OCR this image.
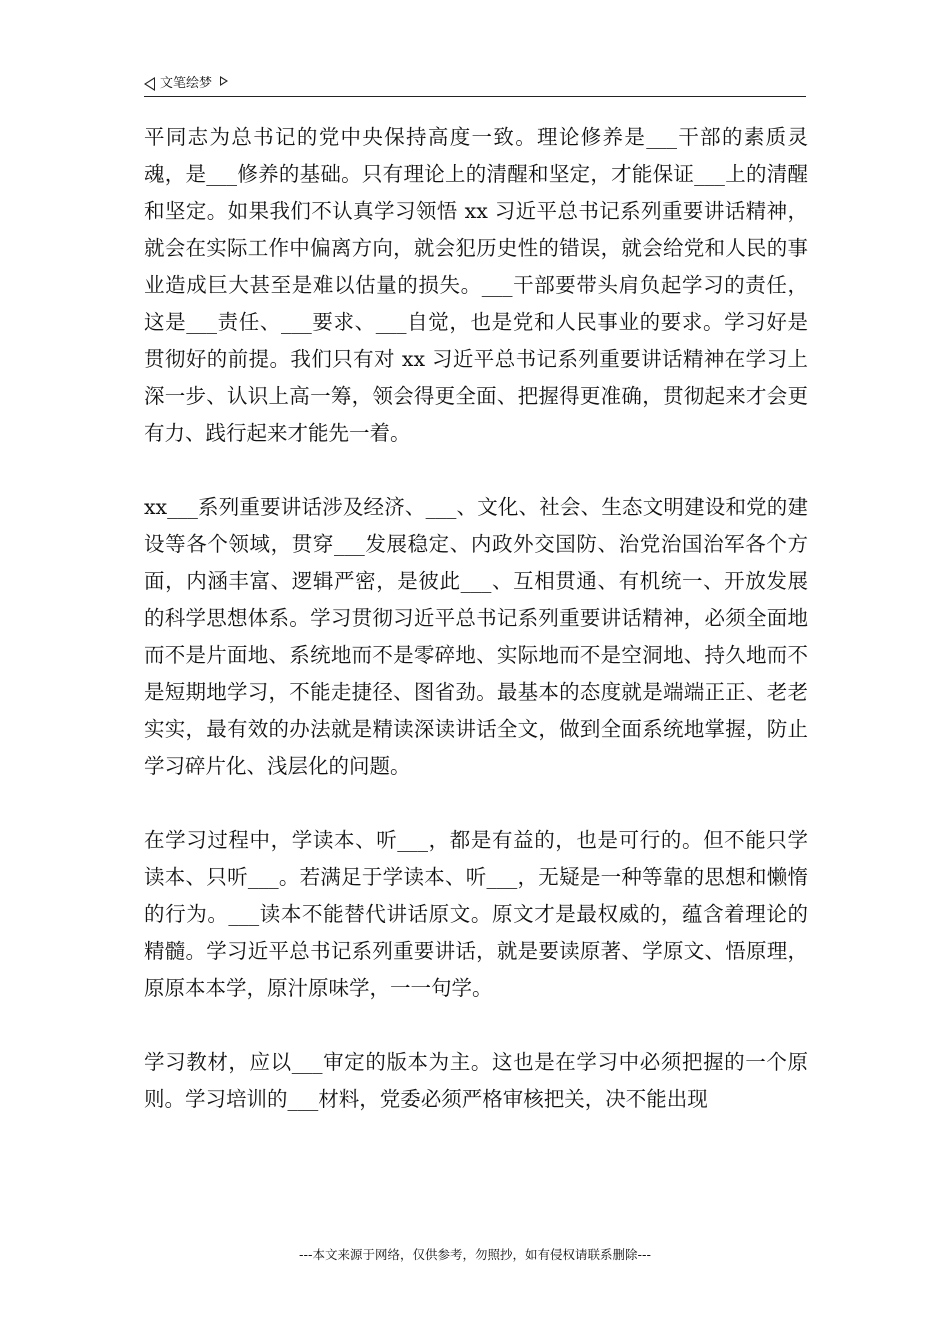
文笔绘梦

平同志为总书记的党中央保持高度一致。理论修养是___干部的素质灵魂，是___修养的基础。只有理论上的清醒和坚定，才能保证___上的清醒和坚定。如果我们不认真学习领悟 xx 习近平总书记系列重要讲话精神，就会在实际工作中偏离方向，就会犯历史性的错误，就会给党和人民的事业造成巨大甚至是难以估量的损失。___干部要带头肩负起学习的责任，这是___责任、___要求、___自觉，也是党和人民事业的要求。学习好是贯彻好的前提。我们只有对 xx 习近平总书记系列重要讲话精神在学习上深一步、认识上高一筹，领会得更全面、把握得更准确，贯彻起来才会更有力、践行起来才能先一着。

xx___系列重要讲话涉及经济、___、文化、社会、生态文明建设和党的建设等各个领域，贯穿___发展稳定、内政外交国防、治党治国治军各个方面，内涵丰富、逻辑严密，是彼此___、互相贯通、有机统一、开放发展的科学思想体系。学习贯彻习近平总书记系列重要讲话精神，必须全面地而不是片面地、系统地而不是零碎地、实际地而不是空洞地、持久地而不是短期地学习，不能走捷径、图省劲。最基本的态度就是端端正正、老老实实，最有效的办法就是精读深读讲话全文，做到全面系统地掌握，防止学习碎片化、浅层化的问题。

在学习过程中，学读本、听___，都是有益的，也是可行的。但不能只学读本、只听___。若满足于学读本、听___，无疑是一种等靠的思想和懒惰的行为。___读本不能替代讲话原文。原文才是最权威的，蕴含着理论的精髓。学习近平总书记系列重要讲话，就是要读原著、学原文、悟原理，原原本本学，原汁原味学，一一句学。

学习教材，应以___审定的版本为主。这也是在学习中必须把握的一个原则。学习培训的___材料，党委必须严格审核把关，决不能出现

---本文来源于网络，仅供参考，勿照抄，如有侵权请联系删除---
